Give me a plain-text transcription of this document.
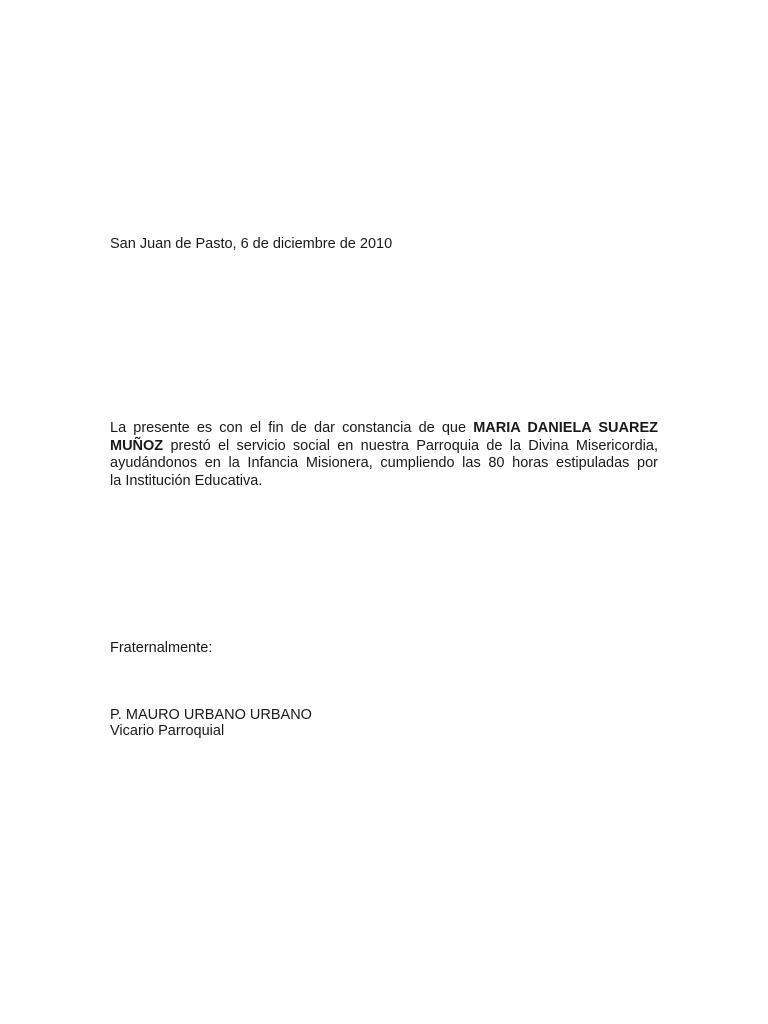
San Juan de Pasto, 6 de diciembre de 2010
La presente es con el fin de dar constancia de que MARIA DANIELA SUAREZ
MUÑOZ prestó el servicio social en nuestra Parroquia de la Divina Misericordia,
ayudándonos en la Infancia Misionera, cumpliendo las 80 horas estipuladas por
la Institución Educativa.
Fraternalmente:
P. MAURO URBANO URBANO
Vicario Parroquial
